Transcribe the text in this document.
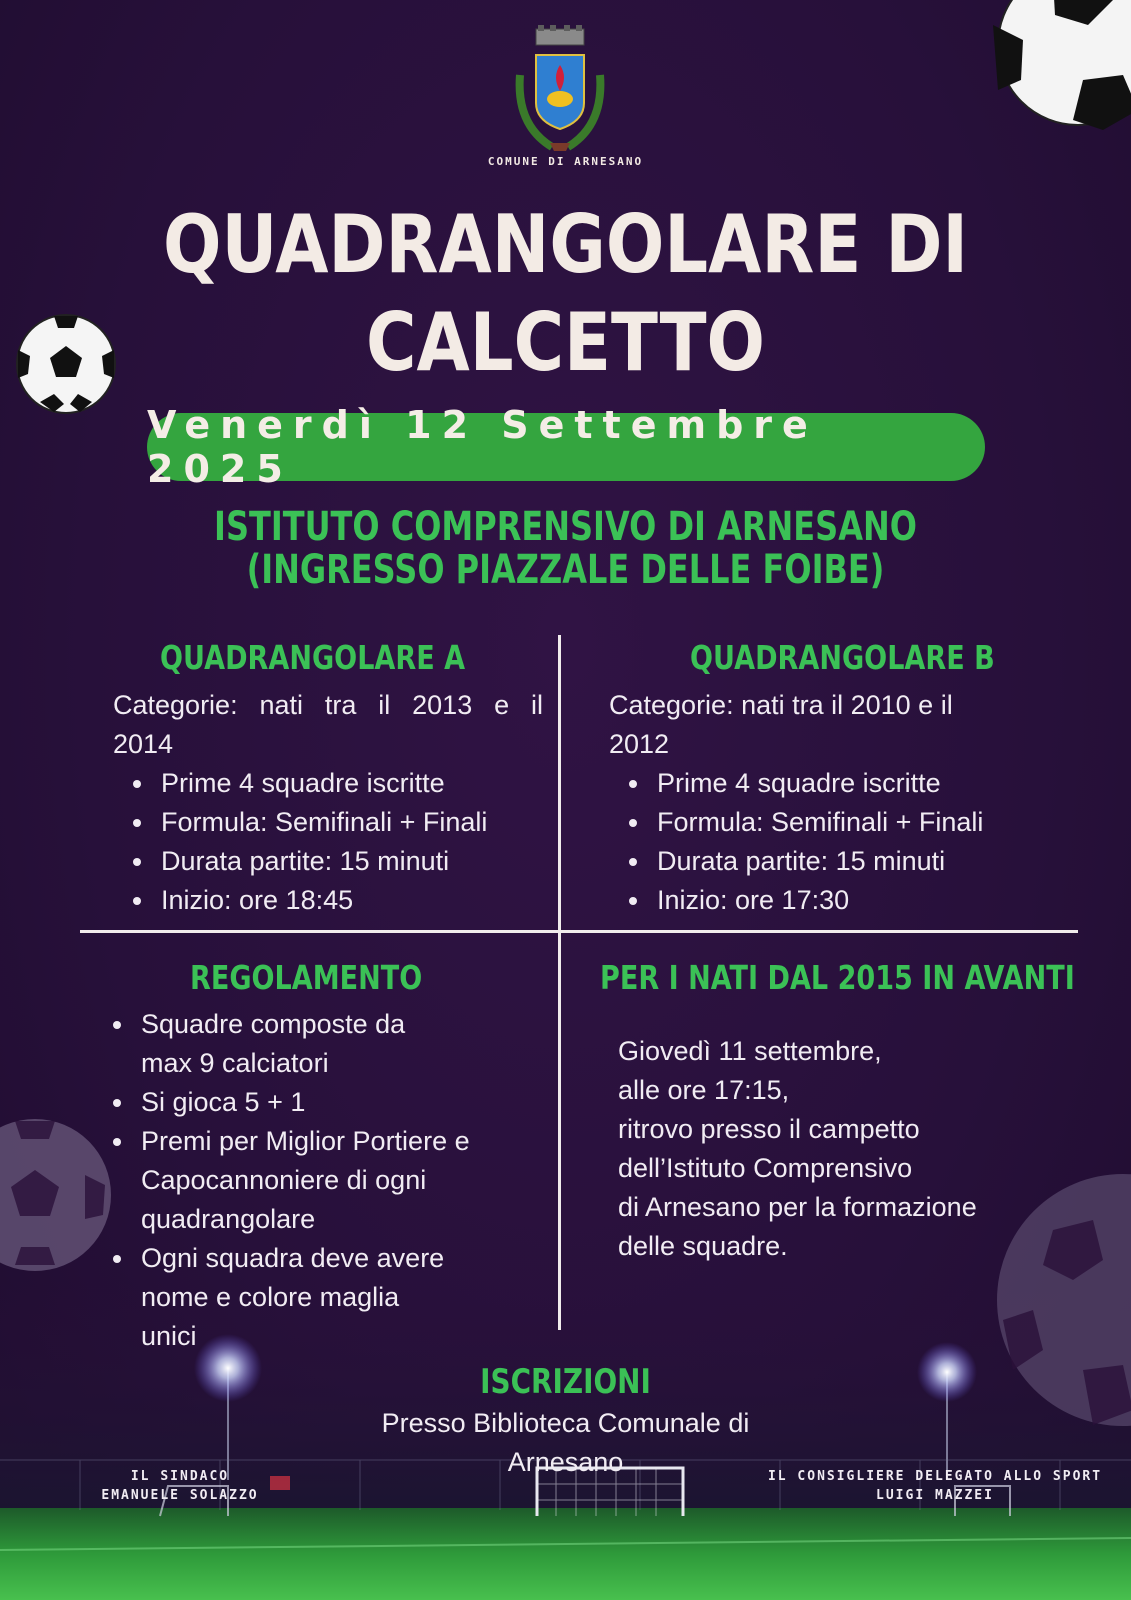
COMUNE DI ARNESANO
QUADRANGOLARE DI
CALCETTO
Venerdì 12 Settembre 2025
ISTITUTO COMPRENSIVO DI ARNESANO
(INGRESSO PIAZZALE DELLE FOIBE)
QUADRANGOLARE A
Categorie: nati tra il 2013 e il
2014
Prime 4 squadre iscritte
Formula: Semifinali + Finali
Durata partite: 15 minuti
Inizio: ore 18:45
QUADRANGOLARE B
Categorie: nati tra il 2010 e il
2012
Prime 4 squadre iscritte
Formula: Semifinali + Finali
Durata partite: 15 minuti
Inizio: ore 17:30
REGOLAMENTO
Squadre composte da
max 9 calciatori
Si gioca 5 + 1
Premi per Miglior Portiere e
Capocannoniere di ogni
quadrangolare
Ogni squadra deve avere
nome e colore maglia
unici
PER I NATI DAL 2015 IN AVANTI
Giovedì 11 settembre,
alle ore 17:15,
ritrovo presso il campetto
dell’Istituto Comprensivo
di Arnesano per la formazione
delle squadre.
ISCRIZIONI
Presso Biblioteca Comunale di
Arnesano
IL SINDACO
EMANUELE SOLAZZO
IL CONSIGLIERE DELEGATO ALLO SPORT
LUIGI MAZZEI
